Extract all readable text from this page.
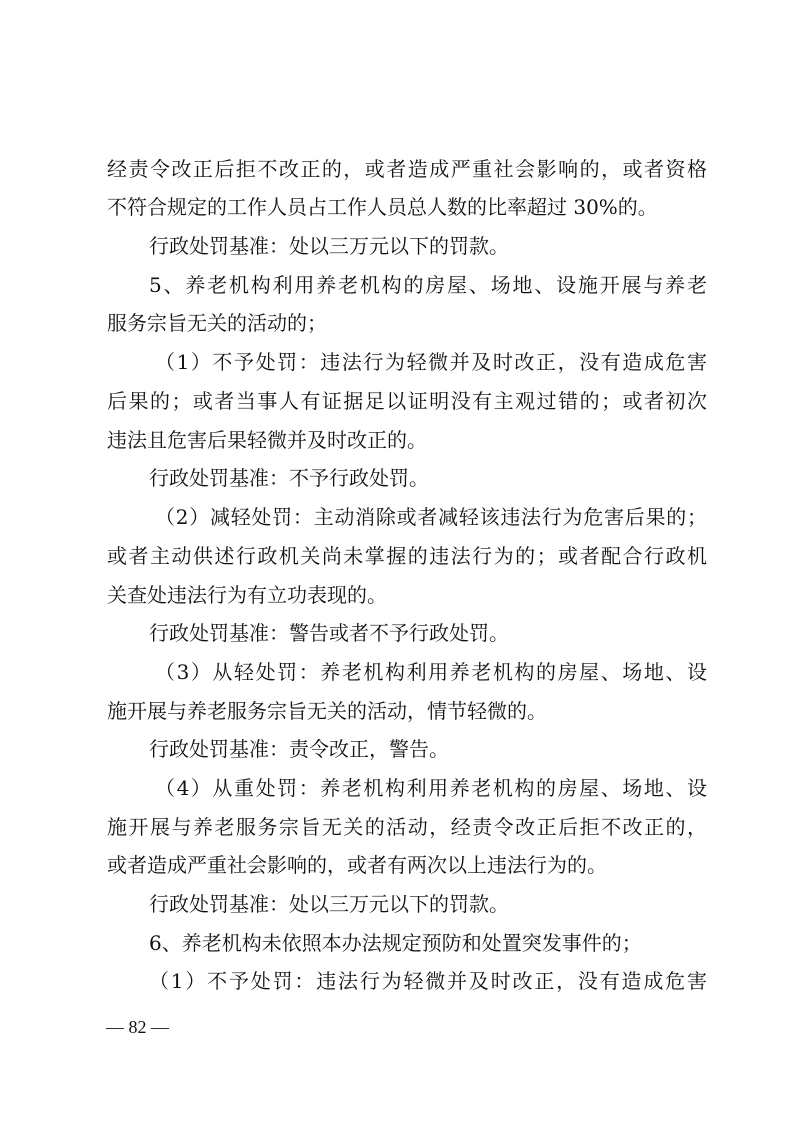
经责令改正后拒不改正的，或者造成严重社会影响的，或者资格
不符合规定的工作人员占工作人员总人数的比率超过 30%的。
行政处罚基准：处以三万元以下的罚款。
5、养老机构利用养老机构的房屋、场地、设施开展与养老
服务宗旨无关的活动的；
（1）不予处罚：违法行为轻微并及时改正，没有造成危害
后果的；或者当事人有证据足以证明没有主观过错的；或者初次
违法且危害后果轻微并及时改正的。
行政处罚基准：不予行政处罚。
（2）减轻处罚：主动消除或者减轻该违法行为危害后果的；
或者主动供述行政机关尚未掌握的违法行为的；或者配合行政机
关查处违法行为有立功表现的。
行政处罚基准：警告或者不予行政处罚。
（3）从轻处罚：养老机构利用养老机构的房屋、场地、设
施开展与养老服务宗旨无关的活动，情节轻微的。
行政处罚基准：责令改正，警告。
（4）从重处罚：养老机构利用养老机构的房屋、场地、设
施开展与养老服务宗旨无关的活动，经责令改正后拒不改正的，
或者造成严重社会影响的，或者有两次以上违法行为的。
行政处罚基准：处以三万元以下的罚款。
6、养老机构未依照本办法规定预防和处置突发事件的；
（1）不予处罚：违法行为轻微并及时改正，没有造成危害
— 82 —
